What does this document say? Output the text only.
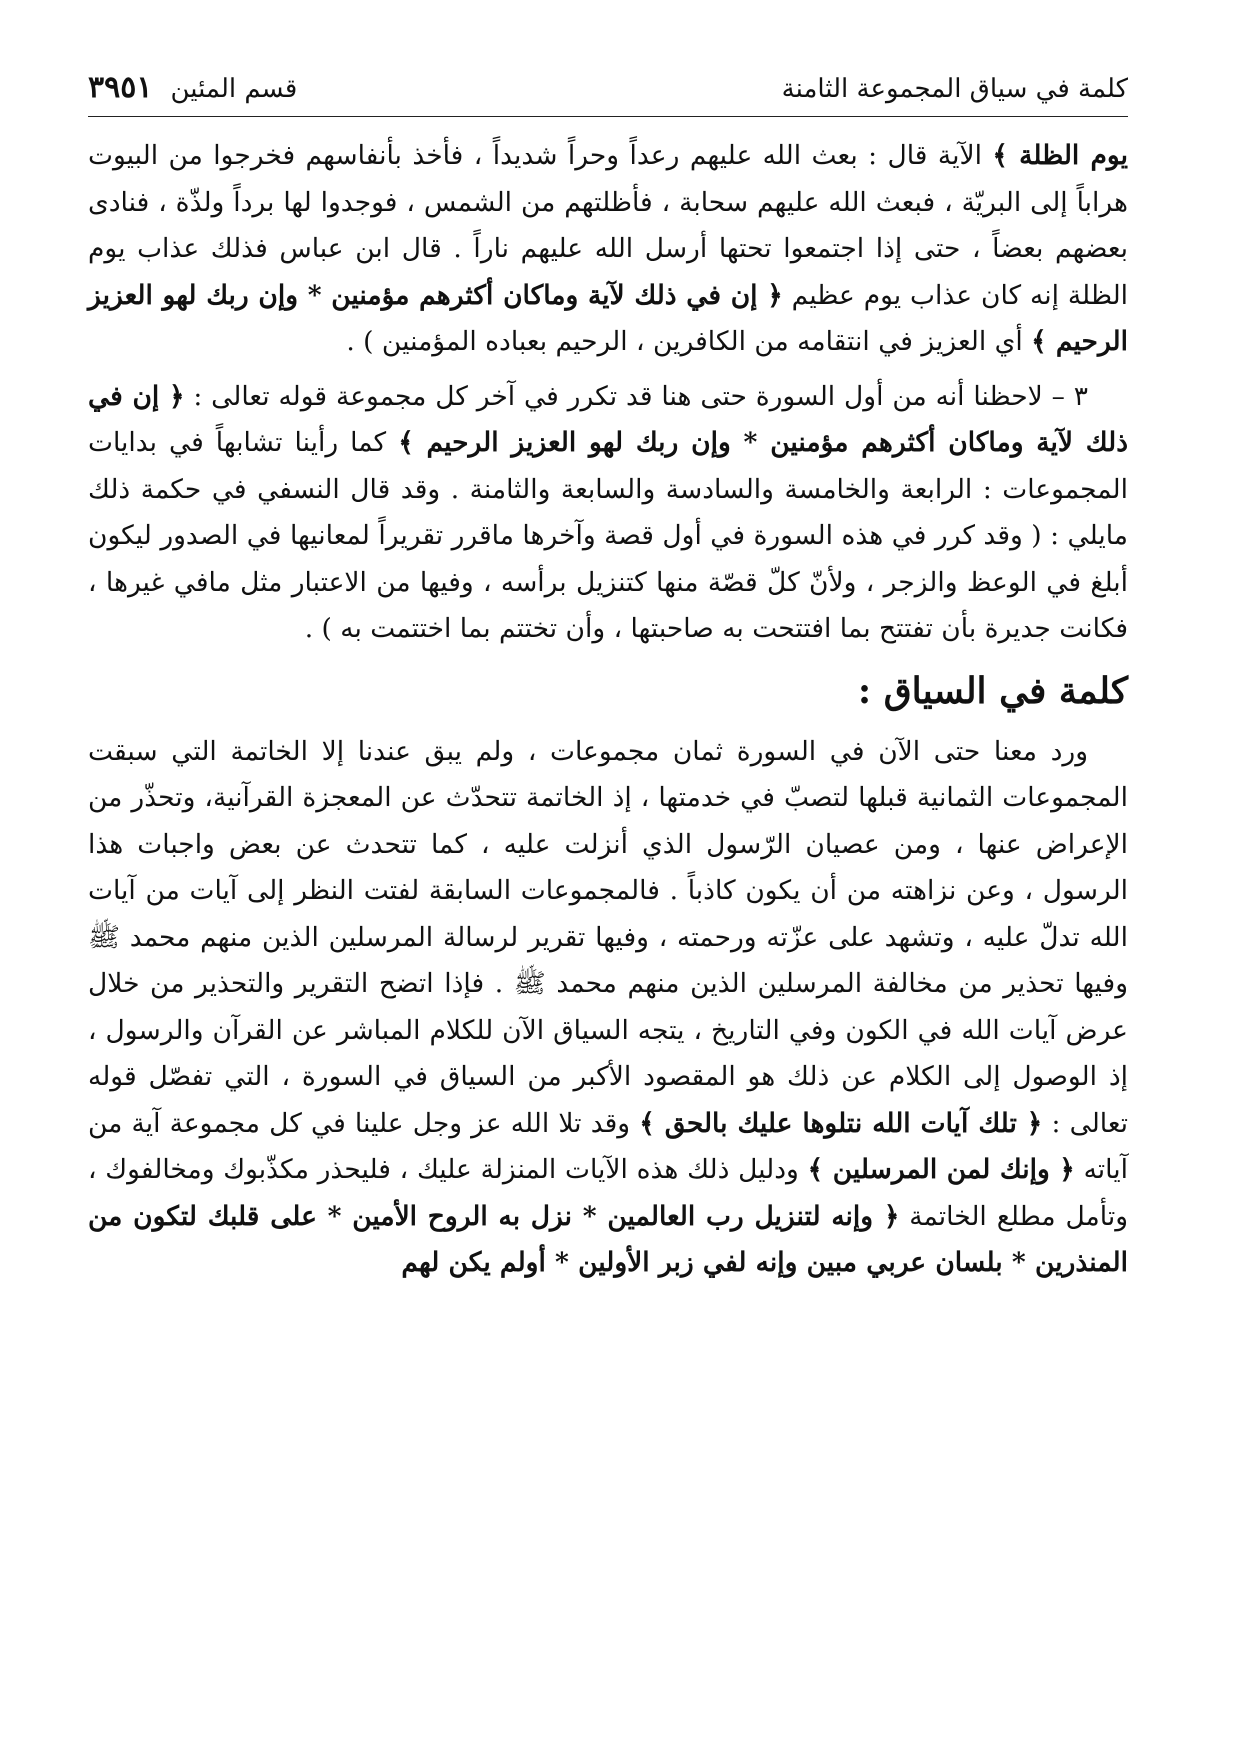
كلمة في سياق المجموعة الثامنة
قسم المئين
٣٩٥١

يوم الظلة ﴾ الآية قال : بعث الله عليهم رعداً وحراً شديداً ، فأخذ بأنفاسهم فخرجوا من البيوت هراباً إلى البريّة ، فبعث الله عليهم سحابة ، فأظلتهم من الشمس ، فوجدوا لها برداً ولذّة ، فنادى بعضهم بعضاً ، حتى إذا اجتمعوا تحتها أرسل الله عليهم ناراً . قال ابن عباس فذلك عذاب يوم الظلة إنه كان عذاب يوم عظيم ﴿ إن في ذلك لآية وماكان أكثرهم مؤمنين * وإن ربك لهو العزيز الرحيم ﴾ أي العزيز في انتقامه من الكافرين ، الرحيم بعباده المؤمنين ) .

٣ – لاحظنا أنه من أول السورة حتى هنا قد تكرر في آخر كل مجموعة قوله تعالى : ﴿ إن في ذلك لآية وماكان أكثرهم مؤمنين * وإن ربك لهو العزيز الرحيم ﴾ كما رأينا تشابهاً في بدايات المجموعات : الرابعة والخامسة والسادسة والسابعة والثامنة . وقد قال النسفي في حكمة ذلك مايلي : ( وقد كرر في هذه السورة في أول قصة وآخرها ماقرر تقريراً لمعانيها في الصدور ليكون أبلغ في الوعظ والزجر ، ولأنّ كلّ قصّة منها كتنزيل برأسه ، وفيها من الاعتبار مثل مافي غيرها ، فكانت جديرة بأن تفتتح بما افتتحت به صاحبتها ، وأن تختتم بما اختتمت به ) .

كلمة في السياق :

ورد معنا حتى الآن في السورة ثمان مجموعات ، ولم يبق عندنا إلا الخاتمة التي سبقت المجموعات الثمانية قبلها لتصبّ في خدمتها ، إذ الخاتمة تتحدّث عن المعجزة القرآنية، وتحذّر من الإعراض عنها ، ومن عصيان الرّسول الذي أنزلت عليه ، كما تتحدث عن بعض واجبات هذا الرسول ، وعن نزاهته من أن يكون كاذباً . فالمجموعات السابقة لفتت النظر إلى آيات من آيات الله تدلّ عليه ، وتشهد على عزّته ورحمته ، وفيها تقرير لرسالة المرسلين الذين منهم محمد ﷺ وفيها تحذير من مخالفة المرسلين الذين منهم محمد ﷺ . فإذا اتضح التقرير والتحذير من خلال عرض آيات الله في الكون وفي التاريخ ، يتجه السياق الآن للكلام المباشر عن القرآن والرسول ، إذ الوصول إلى الكلام عن ذلك هو المقصود الأكبر من السياق في السورة ، التي تفصّل قوله تعالى : ﴿ تلك آيات الله نتلوها عليك بالحق ﴾ وقد تلا الله عز وجل علينا في كل مجموعة آية من آياته ﴿ وإنك لمن المرسلين ﴾ ودليل ذلك هذه الآيات المنزلة عليك ، فليحذر مكذّبوك ومخالفوك ، وتأمل مطلع الخاتمة ﴿ وإنه لتنزيل رب العالمين * نزل به الروح الأمين * على قلبك لتكون من المنذرين * بلسان عربي مبين وإنه لفي زبر الأولين * أولم يكن لهم
